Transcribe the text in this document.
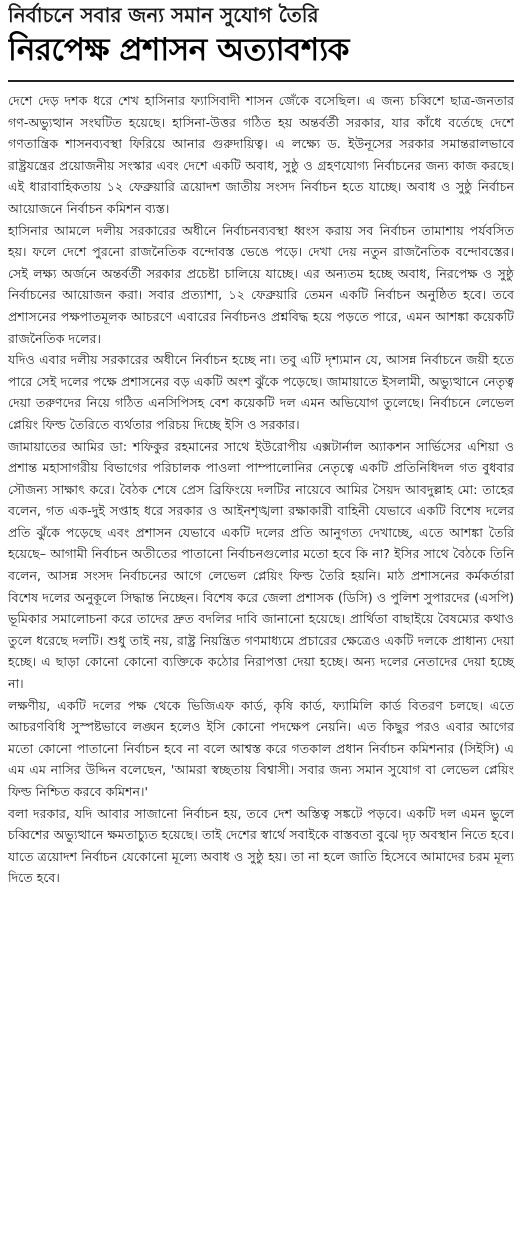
নির্বাচনে সবার জন্য সমান সুযোগ তৈরি
নিরপেক্ষ প্রশাসন অত্যাবশ্যক

দেশে দেড় দশক ধরে শেখ হাসিনার ফ্যাসিবাদী শাসন জেঁকে বসেছিল। এ জন্য চব্বিশে ছাত্র-জনতার গণ-অভ্যুত্থান সংঘটিত হয়েছে। হাসিনা-উত্তর গঠিত হয় অন্তর্বর্তী সরকার, যার কাঁধে বর্তেছে দেশে গণতান্ত্রিক শাসনব্যবস্থা ফিরিয়ে আনার গুরুদায়িত্ব। এ লক্ষ্যে ড. ইউনূসের সরকার সমান্তরালভাবে রাষ্ট্রযন্ত্রের প্রয়োজনীয় সংস্কার এবং দেশে একটি অবাধ, সুষ্ঠু ও গ্রহণযোগ্য নির্বাচনের জন্য কাজ করছে। এই ধারাবাহিকতায় ১২ ফেব্রুয়ারি ত্রয়োদশ জাতীয় সংসদ নির্বাচন হতে যাচ্ছে। অবাধ ও সুষ্ঠু নির্বাচন আয়োজনে নির্বাচন কমিশন ব্যস্ত।

হাসিনার আমলে দলীয় সরকারের অধীনে নির্বাচনব্যবস্থা ধ্বংস করায় সব নির্বাচন তামাশায় পর্যবসিত হয়। ফলে দেশে পুরনো রাজনৈতিক বন্দোবস্ত ভেঙে পড়ে। দেখা দেয় নতুন রাজনৈতিক বন্দোবস্তের। সেই লক্ষ্য অর্জনে অন্তর্বর্তী সরকার প্রচেষ্টা চালিয়ে যাচ্ছে। এর অন্যতম হচ্ছে অবাধ, নিরপেক্ষ ও সুষ্ঠু নির্বাচনের আয়োজন করা। সবার প্রত্যাশা, ১২ ফেব্রুয়ারি তেমন একটি নির্বাচন অনুষ্ঠিত হবে। তবে প্রশাসনের পক্ষপাতমূলক আচরণে এবারের নির্বাচনও প্রশ্নবিদ্ধ হয়ে পড়তে পারে, এমন আশঙ্কা কয়েকটি রাজনৈতিক দলের।

যদিও এবার দলীয় সরকারের অধীনে নির্বাচন হচ্ছে না। তবু এটি দৃশ্যমান যে, আসন্ন নির্বাচনে জয়ী হতে পারে সেই দলের পক্ষে প্রশাসনের বড় একটি অংশ ঝুঁকে পড়েছে। জামায়াতে ইসলামী, অভ্যুত্থানে নেতৃত্ব দেয়া তরুণদের নিয়ে গঠিত এনসিপিসহ বেশ কয়েকটি দল এমন অভিযোগ তুলেছে। নির্বাচনে লেভেল প্লেয়িং ফিল্ড তৈরিতে ব্যর্থতার পরিচয় দিচ্ছে ইসি ও সরকার।

জামায়াতের আমির ডা: শফিকুর রহমানের সাথে ইউরোপীয় এক্সটার্নাল অ্যাকশন সার্ভিসের এশিয়া ও প্রশান্ত মহাসাগরীয় বিভাগের পরিচালক পাওলা পাম্পালোনির নেতৃত্বে একটি প্রতিনিধিদল গত বুধবার সৌজন্য সাক্ষাৎ করে। বৈঠক শেষে প্রেস ব্রিফিংয়ে দলটির নায়েবে আমির সৈয়দ আবদুল্লাহ মো: তাহের বলেন, গত এক-দুই সপ্তাহ ধরে সরকার ও আইনশৃঙ্খলা রক্ষাকারী বাহিনী যেভাবে একটি বিশেষ দলের প্রতি ঝুঁকে পড়েছে এবং প্রশাসন যেভাবে একটি দলের প্রতি আনুগত্য দেখাচ্ছে, এতে আশঙ্কা তৈরি হয়েছে– আগামী নির্বাচন অতীতের পাতানো নির্বাচনগুলোর মতো হবে কি না? ইসির সাথে বৈঠকে তিনি বলেন, আসন্ন সংসদ নির্বাচনের আগে লেভেল প্লেয়িং ফিল্ড তৈরি হয়নি। মাঠ প্রশাসনের কর্মকর্তারা বিশেষ দলের অনুকূলে সিদ্ধান্ত নিচ্ছেন। বিশেষ করে জেলা প্রশাসক (ডিসি) ও পুলিশ সুপারদের (এসপি) ভূমিকার সমালোচনা করে তাদের দ্রুত বদলির দাবি জানানো হয়েছে। প্রার্থিতা বাছাইয়ে বৈষম্যের কথাও তুলে ধরেছে দলটি। শুধু তাই নয়, রাষ্ট্র নিয়ন্ত্রিত গণমাধ্যমে প্রচারের ক্ষেত্রেও একটি দলকে প্রাধান্য দেয়া হচ্ছে। এ ছাড়া কোনো কোনো ব্যক্তিকে কঠোর নিরাপত্তা দেয়া হচ্ছে। অন্য দলের নেতাদের দেয়া হচ্ছে না।

লক্ষণীয়, একটি দলের পক্ষ থেকে ভিজিএফ কার্ড, কৃষি কার্ড, ফ্যামিলি কার্ড বিতরণ চলছে। এতে আচরণবিধি সুস্পষ্টভাবে লঙ্ঘন হলেও ইসি কোনো পদক্ষেপ নেয়নি। এত কিছুর পরও এবার আগের মতো কোনো পাতানো নির্বাচন হবে না বলে আশ্বস্ত করে গতকাল প্রধান নির্বাচন কমিশনার (সিইসি) এ এম এম নাসির উদ্দিন বলেছেন, 'আমরা স্বচ্ছতায় বিশ্বাসী। সবার জন্য সমান সুযোগ বা লেভেল প্লেয়িং ফিল্ড নিশ্চিত করবে কমিশন।'

বলা দরকার, যদি আবার সাজানো নির্বাচন হয়, তবে দেশ অস্তিত্ব সঙ্কটে পড়বে। একটি দল এমন ভুলে চব্বিশের অভ্যুত্থানে ক্ষমতাচ্যুত হয়েছে। তাই দেশের স্বার্থে সবাইকে বাস্তবতা বুঝে দৃঢ় অবস্থান নিতে হবে। যাতে ত্রয়োদশ নির্বাচন যেকোনো মূল্যে অবাধ ও সুষ্ঠু হয়। তা না হলে জাতি হিসেবে আমাদের চরম মূল্য দিতে হবে।
